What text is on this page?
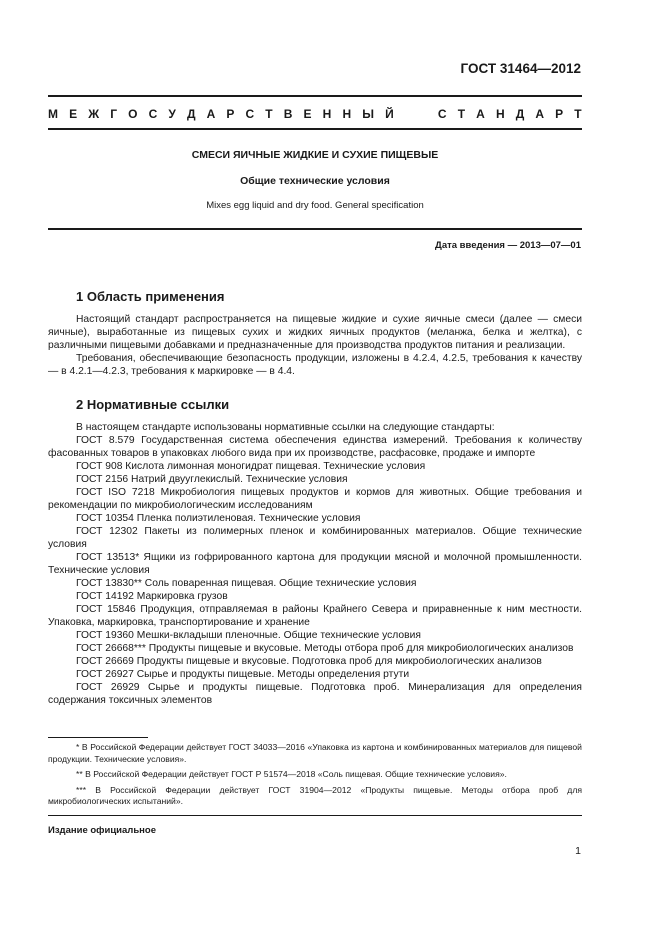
ГОСТ 31464—2012
М Е Ж Г О С У Д А Р С Т В Е Н Н Ы Й	С Т А Н Д А Р Т
СМЕСИ ЯИЧНЫЕ ЖИДКИЕ И СУХИЕ ПИЩЕВЫЕ
Общие технические условия
Mixes egg liquid and dry food. General specification
Дата введения — 2013—07—01
1 Область применения

Настоящий стандарт распространяется на пищевые жидкие и сухие яичные смеси (далее — смеси яичные), выработанные из пищевых сухих и жидких яичных продуктов (меланжа, белка и желтка), с различными пищевыми добавками и предназначенные для производства продуктов питания и реализации.

Требования, обеспечивающие безопасность продукции, изложены в 4.2.4, 4.2.5, требования к качеству — в 4.2.1—4.2.3, требования к маркировке — в 4.4.

2 Нормативные ссылки

В настоящем стандарте использованы нормативные ссылки на следующие стандарты:

ГОСТ 8.579 Государственная система обеспечения единства измерений. Требования к количеству фасованных товаров в упаковках любого вида при их производстве, расфасовке, продаже и импорте

ГОСТ 908 Кислота лимонная моногидрат пищевая. Технические условия

ГОСТ 2156 Натрий двууглекислый. Технические условия

ГОСТ ISO 7218 Микробиология пищевых продуктов и кормов для животных. Общие требования и рекомендации по микробиологическим исследованиям

ГОСТ 10354 Пленка полиэтиленовая. Технические условия

ГОСТ 12302 Пакеты из полимерных пленок и комбинированных материалов. Общие технические условия

ГОСТ 13513* Ящики из гофрированного картона для продукции мясной и молочной промышленности. Технические условия

ГОСТ 13830** Соль поваренная пищевая. Общие технические условия

ГОСТ 14192 Маркировка грузов

ГОСТ 15846 Продукция, отправляемая в районы Крайнего Севера и приравненные к ним местности. Упаковка, маркировка, транспортирование и хранение

ГОСТ 19360 Мешки-вкладыши пленочные. Общие технические условия

ГОСТ 26668*** Продукты пищевые и вкусовые. Методы отбора проб для микробиологических анализов

ГОСТ 26669 Продукты пищевые и вкусовые. Подготовка проб для микробиологических анализов

ГОСТ 26927 Сырье и продукты пищевые. Методы определения ртути

ГОСТ 26929 Сырье и продукты пищевые. Подготовка проб. Минерализация для определения содержания токсичных элементов

* В Российской Федерации действует ГОСТ 34033—2016 «Упаковка из картона и комбинированных материалов для пищевой продукции. Технические условия».

** В Российской Федерации действует ГОСТ Р 51574—2018 «Соль пищевая. Общие технические условия».

*** В Российской Федерации действует ГОСТ 31904—2012 «Продукты пищевые. Методы отбора проб для микробиологических испытаний».

Издание официальное
1
